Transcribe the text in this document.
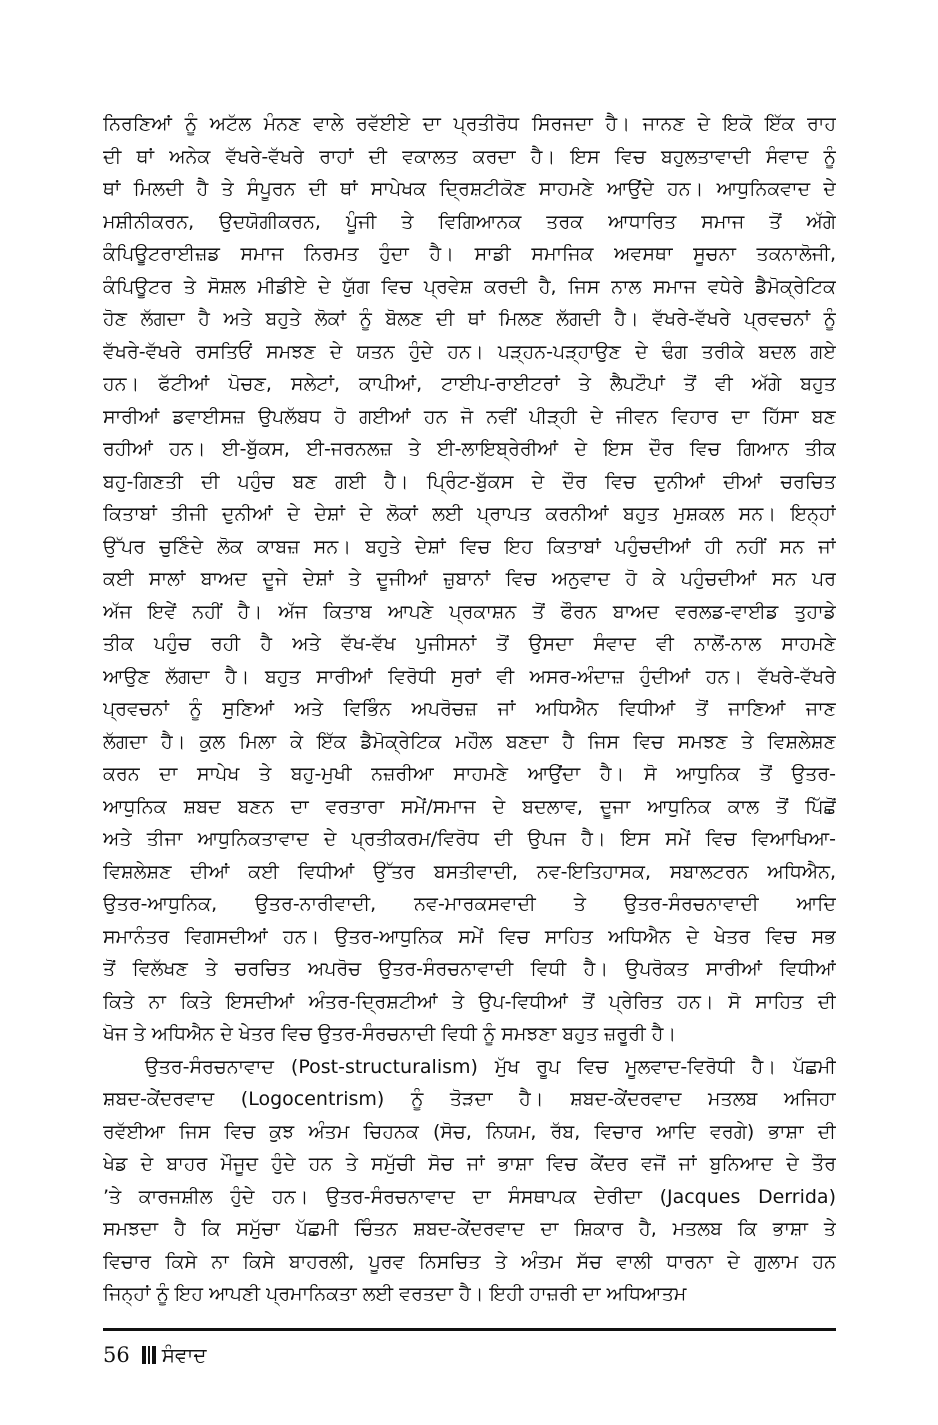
ਨਿਰਣਿਆਂ ਨੂੰ ਅਟੱਲ ਮੰਨਣ ਵਾਲੇ ਰਵੱਈਏ ਦਾ ਪ੍ਰਤੀਰੋਧ ਸਿਰਜਦਾ ਹੈ। ਜਾਨਣ ਦੇ ਇਕੋ ਇੱਕ ਰਾਹ
ਦੀ ਥਾਂ ਅਨੇਕ ਵੱਖਰੇ-ਵੱਖਰੇ ਰਾਹਾਂ ਦੀ ਵਕਾਲਤ ਕਰਦਾ ਹੈ। ਇਸ ਵਿਚ ਬਹੁਲਤਾਵਾਦੀ ਸੰਵਾਦ ਨੂੰ
ਥਾਂ ਮਿਲਦੀ ਹੈ ਤੇ ਸੰਪੂਰਨ ਦੀ ਥਾਂ ਸਾਪੇਖਕ ਦ੍ਰਿਸ਼ਟੀਕੋਣ ਸਾਹਮਣੇ ਆਉਂਦੇ ਹਨ। ਆਧੁਨਿਕਵਾਦ ਦੇ
ਮਸ਼ੀਨੀਕਰਨ, ਉਦਯੋਗੀਕਰਨ, ਪੂੰਜੀ ਤੇ ਵਿਗਿਆਨਕ ਤਰਕ ਆਧਾਰਿਤ ਸਮਾਜ ਤੋਂ ਅੱਗੇ
ਕੰਪਿਊਟਰਾਈਜ਼ਡ ਸਮਾਜ ਨਿਰਮਤ ਹੁੰਦਾ ਹੈ। ਸਾਡੀ ਸਮਾਜਿਕ ਅਵਸਥਾ ਸੂਚਨਾ ਤਕਨਾਲੋਜੀ,
ਕੰਪਿਊਟਰ ਤੇ ਸੋਸ਼ਲ ਮੀਡੀਏ ਦੇ ਯੁੱਗ ਵਿਚ ਪ੍ਰਵੇਸ਼ ਕਰਦੀ ਹੈ, ਜਿਸ ਨਾਲ ਸਮਾਜ ਵਧੇਰੇ ਡੈਮੋਕ੍ਰੇਟਿਕ
ਹੋਣ ਲੱਗਦਾ ਹੈ ਅਤੇ ਬਹੁਤੇ ਲੋਕਾਂ ਨੂੰ ਬੋਲਣ ਦੀ ਥਾਂ ਮਿਲਣ ਲੱਗਦੀ ਹੈ। ਵੱਖਰੇ-ਵੱਖਰੇ ਪ੍ਰਵਚਨਾਂ ਨੂੰ
ਵੱਖਰੇ-ਵੱਖਰੇ ਰਸਤਿਓਂ ਸਮਝਣ ਦੇ ਯਤਨ ਹੁੰਦੇ ਹਨ। ਪੜ੍ਹਨ-ਪੜ੍ਹਾਉਣ ਦੇ ਢੰਗ ਤਰੀਕੇ ਬਦਲ ਗਏ
ਹਨ। ਫੱਟੀਆਂ ਪੋਚਣ, ਸਲੇਟਾਂ, ਕਾਪੀਆਂ, ਟਾਈਪ-ਰਾਈਟਰਾਂ ਤੇ ਲੈਪਟੌਪਾਂ ਤੋਂ ਵੀ ਅੱਗੇ ਬਹੁਤ
ਸਾਰੀਆਂ ਡਵਾਈਸਜ਼ ਉਪਲੱਬਧ ਹੋ ਗਈਆਂ ਹਨ ਜੋ ਨਵੀਂ ਪੀੜ੍ਹੀ ਦੇ ਜੀਵਨ ਵਿਹਾਰ ਦਾ ਹਿੱਸਾ ਬਣ
ਰਹੀਆਂ ਹਨ। ਈ-ਬੁੱਕਸ, ਈ-ਜਰਨਲਜ਼ ਤੇ ਈ-ਲਾਇਬ੍ਰੇਰੀਆਂ ਦੇ ਇਸ ਦੌਰ ਵਿਚ ਗਿਆਨ ਤੀਕ
ਬਹੁ-ਗਿਣਤੀ ਦੀ ਪਹੁੰਚ ਬਣ ਗਈ ਹੈ। ਪ੍ਰਿੰਟ-ਬੁੱਕਸ ਦੇ ਦੌਰ ਵਿਚ ਦੁਨੀਆਂ ਦੀਆਂ ਚਰਚਿਤ
ਕਿਤਾਬਾਂ ਤੀਜੀ ਦੁਨੀਆਂ ਦੇ ਦੇਸ਼ਾਂ ਦੇ ਲੋਕਾਂ ਲਈ ਪ੍ਰਾਪਤ ਕਰਨੀਆਂ ਬਹੁਤ ਮੁਸ਼ਕਲ ਸਨ। ਇਨ੍ਹਾਂ
ਉੱਪਰ ਚੁਣਿੰਦੇ ਲੋਕ ਕਾਬਜ਼ ਸਨ। ਬਹੁਤੇ ਦੇਸ਼ਾਂ ਵਿਚ ਇਹ ਕਿਤਾਬਾਂ ਪਹੁੰਚਦੀਆਂ ਹੀ ਨਹੀਂ ਸਨ ਜਾਂ
ਕਈ ਸਾਲਾਂ ਬਾਅਦ ਦੂਜੇ ਦੇਸ਼ਾਂ ਤੇ ਦੂਜੀਆਂ ਜ਼ੁਬਾਨਾਂ ਵਿਚ ਅਨੁਵਾਦ ਹੋ ਕੇ ਪਹੁੰਚਦੀਆਂ ਸਨ ਪਰ
ਅੱਜ ਇਵੇਂ ਨਹੀਂ ਹੈ। ਅੱਜ ਕਿਤਾਬ ਆਪਣੇ ਪ੍ਰਕਾਸ਼ਨ ਤੋਂ ਫੌਰਨ ਬਾਅਦ ਵਰਲਡ-ਵਾਈਡ ਤੁਹਾਡੇ
ਤੀਕ ਪਹੁੰਚ ਰਹੀ ਹੈ ਅਤੇ ਵੱਖ-ਵੱਖ ਪੁਜੀਸਨਾਂ ਤੋਂ ਉਸਦਾ ਸੰਵਾਦ ਵੀ ਨਾਲੋਂ-ਨਾਲ ਸਾਹਮਣੇ
ਆਉਣ ਲੱਗਦਾ ਹੈ। ਬਹੁਤ ਸਾਰੀਆਂ ਵਿਰੋਧੀ ਸੁਰਾਂ ਵੀ ਅਸਰ-ਅੰਦਾਜ਼ ਹੁੰਦੀਆਂ ਹਨ। ਵੱਖਰੇ-ਵੱਖਰੇ
ਪ੍ਰਵਚਨਾਂ ਨੂੰ ਸੁਣਿਆਂ ਅਤੇ ਵਿਭਿੰਨ ਅਪਰੋਚਜ਼ ਜਾਂ ਅਧਿਐਨ ਵਿਧੀਆਂ ਤੋਂ ਜਾਣਿਆਂ ਜਾਣ
ਲੱਗਦਾ ਹੈ। ਕੁਲ ਮਿਲਾ ਕੇ ਇੱਕ ਡੈਮੋਕ੍ਰੇਟਿਕ ਮਹੌਲ ਬਣਦਾ ਹੈ ਜਿਸ ਵਿਚ ਸਮਝਣ ਤੇ ਵਿਸ਼ਲੇਸ਼ਣ
ਕਰਨ ਦਾ ਸਾਪੇਖ ਤੇ ਬਹੁ-ਮੁਖੀ ਨਜ਼ਰੀਆ ਸਾਹਮਣੇ ਆਉਂਦਾ ਹੈ। ਸੋ ਆਧੁਨਿਕ ਤੋਂ ਉਤਰ-
ਆਧੁਨਿਕ ਸ਼ਬਦ ਬਣਨ ਦਾ ਵਰਤਾਰਾ ਸਮੇਂ/ਸਮਾਜ ਦੇ ਬਦਲਾਵ, ਦੂਜਾ ਆਧੁਨਿਕ ਕਾਲ ਤੋਂ ਪਿੱਛੋਂ
ਅਤੇ ਤੀਜਾ ਆਧੁਨਿਕਤਾਵਾਦ ਦੇ ਪ੍ਰਤੀਕਰਮ/ਵਿਰੋਧ ਦੀ ਉਪਜ ਹੈ। ਇਸ ਸਮੇਂ ਵਿਚ ਵਿਆਖਿਆ-
ਵਿਸ਼ਲੇਸ਼ਣ ਦੀਆਂ ਕਈ ਵਿਧੀਆਂ ਉੱਤਰ ਬਸਤੀਵਾਦੀ, ਨਵ-ਇਤਿਹਾਸਕ, ਸਬਾਲਟਰਨ ਅਧਿਐਨ,
ਉਤਰ-ਆਧੁਨਿਕ, ਉਤਰ-ਨਾਰੀਵਾਦੀ, ਨਵ-ਮਾਰਕਸਵਾਦੀ ਤੇ ਉਤਰ-ਸੰਰਚਨਾਵਾਦੀ ਆਦਿ
ਸਮਾਨੰਤਰ ਵਿਗਸਦੀਆਂ ਹਨ। ਉਤਰ-ਆਧੁਨਿਕ ਸਮੇਂ ਵਿਚ ਸਾਹਿਤ ਅਧਿਐਨ ਦੇ ਖੇਤਰ ਵਿਚ ਸਭ
ਤੋਂ ਵਿਲੱਖਣ ਤੇ ਚਰਚਿਤ ਅਪਰੋਚ ਉਤਰ-ਸੰਰਚਨਾਵਾਦੀ ਵਿਧੀ ਹੈ। ਉਪਰੋਕਤ ਸਾਰੀਆਂ ਵਿਧੀਆਂ
ਕਿਤੇ ਨਾ ਕਿਤੇ ਇਸਦੀਆਂ ਅੰਤਰ-ਦ੍ਰਿਸ਼ਟੀਆਂ ਤੇ ਉਪ-ਵਿਧੀਆਂ ਤੋਂ ਪ੍ਰੇਰਿਤ ਹਨ। ਸੋ ਸਾਹਿਤ ਦੀ
ਖੋਜ ਤੇ ਅਧਿਐਨ ਦੇ ਖੇਤਰ ਵਿਚ ਉਤਰ-ਸੰਰਚਨਾਦੀ ਵਿਧੀ ਨੂੰ ਸਮਝਣਾ ਬਹੁਤ ਜ਼ਰੂਰੀ ਹੈ।
ਉਤਰ-ਸੰਰਚਨਾਵਾਦ (Post-structuralism) ਮੁੱਖ ਰੂਪ ਵਿਚ ਮੂਲਵਾਦ-ਵਿਰੋਧੀ ਹੈ। ਪੱਛਮੀ
ਸ਼ਬਦ-ਕੇਂਦਰਵਾਦ (Logocentrism) ਨੂੰ ਤੋੜਦਾ ਹੈ। ਸ਼ਬਦ-ਕੇਂਦਰਵਾਦ ਮਤਲਬ ਅਜਿਹਾ
ਰਵੱਈਆ ਜਿਸ ਵਿਚ ਕੁਝ ਅੰਤਮ ਚਿਹਨਕ (ਸੋਚ, ਨਿਯਮ, ਰੱਬ, ਵਿਚਾਰ ਆਦਿ ਵਰਗੇ) ਭਾਸ਼ਾ ਦੀ
ਖੇਡ ਦੇ ਬਾਹਰ ਮੌਜੂਦ ਹੁੰਦੇ ਹਨ ਤੇ ਸਮੁੱਚੀ ਸੋਚ ਜਾਂ ਭਾਸ਼ਾ ਵਿਚ ਕੇਂਦਰ ਵਜੋਂ ਜਾਂ ਬੁਨਿਆਦ ਦੇ ਤੌਰ
’ਤੇ ਕਾਰਜਸ਼ੀਲ ਹੁੰਦੇ ਹਨ। ਉਤਰ-ਸੰਰਚਨਾਵਾਦ ਦਾ ਸੰਸਥਾਪਕ ਦੇਰੀਦਾ (Jacques Derrida)
ਸਮਝਦਾ ਹੈ ਕਿ ਸਮੁੱਚਾ ਪੱਛਮੀ ਚਿੰਤਨ ਸ਼ਬਦ-ਕੇਂਦਰਵਾਦ ਦਾ ਸ਼ਿਕਾਰ ਹੈ, ਮਤਲਬ ਕਿ ਭਾਸ਼ਾ ਤੇ
ਵਿਚਾਰ ਕਿਸੇ ਨਾ ਕਿਸੇ ਬਾਹਰਲੀ, ਪੂਰਵ ਨਿਸਚਿਤ ਤੇ ਅੰਤਮ ਸੱਚ ਵਾਲੀ ਧਾਰਨਾ ਦੇ ਗੁਲਾਮ ਹਨ
ਜਿਨ੍ਹਾਂ ਨੂੰ ਇਹ ਆਪਣੀ ਪ੍ਰਮਾਨਿਕਤਾ ਲਈ ਵਰਤਦਾ ਹੈ। ਇਹੀ ਹਾਜ਼ਰੀ ਦਾ ਅਧਿਆਤਮ
56 ਸੰਵਾਦ
